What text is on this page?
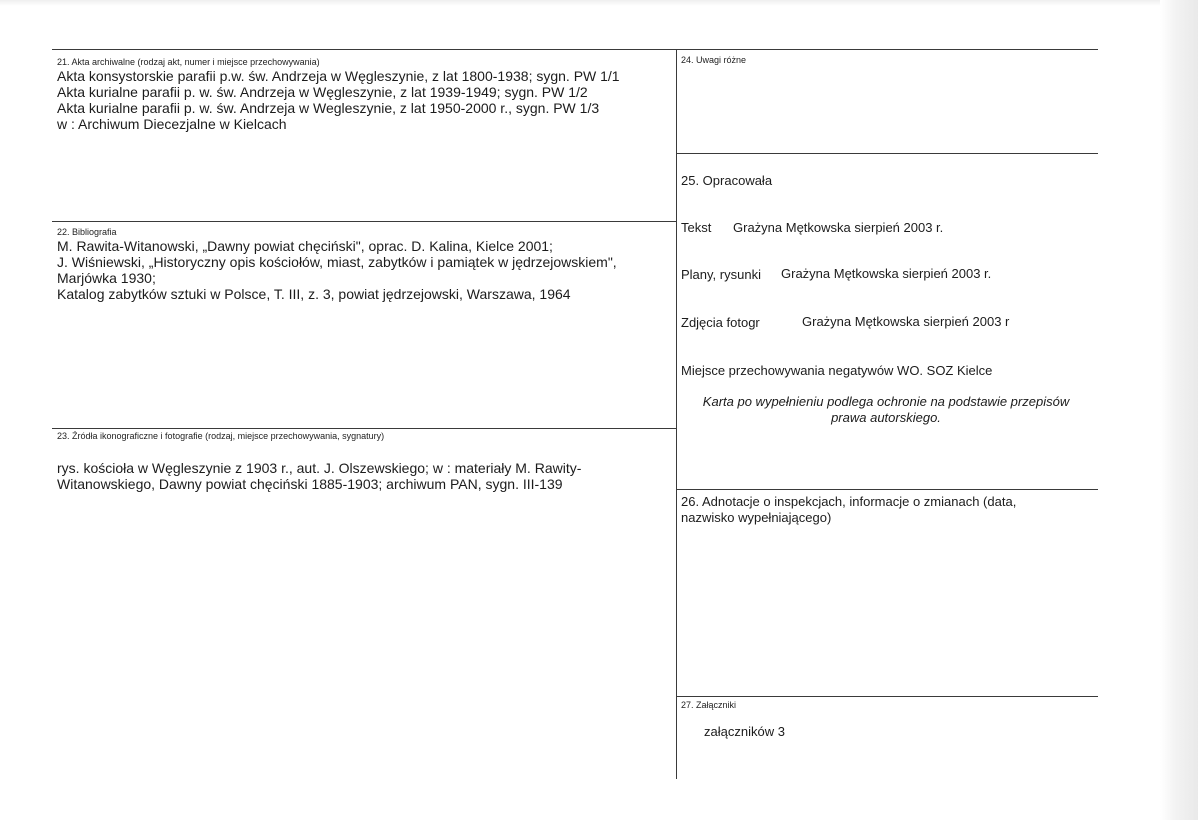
21. Akta archiwalne (rodzaj akt, numer i miejsce przechowywania)
Akta konsystorskie parafii p.w. św. Andrzeja w Węgleszynie, z lat 1800-1938; sygn. PW 1/1
Akta kurialne parafii p. w. św. Andrzeja w Węgleszynie, z lat 1939-1949; sygn. PW 1/2
Akta kurialne parafii p. w. św. Andrzeja w Wegleszynie, z lat 1950-2000 r., sygn. PW 1/3
w : Archiwum Diecezjalne w Kielcach
22. Bibliografia
M. Rawita-Witanowski, „Dawny powiat chęciński", oprac. D. Kalina, Kielce 2001;
J. Wiśniewski, „Historyczny opis kościołów, miast, zabytków i pamiątek w jędrzejowskiem",
Marjówka 1930;
Katalog zabytków sztuki w Polsce, T. III, z. 3, powiat jędrzejowski, Warszawa, 1964
23. Źródła ikonograficzne i fotografie (rodzaj, miejsce przechowywania, sygnatury)
rys. kościoła w Węgleszynie z 1903 r., aut. J. Olszewskiego; w : materiały M. Rawity-
Witanowskiego, Dawny powiat chęciński 1885-1903; archiwum PAN, sygn. III-139
24. Uwagi różne
25. Opracowała
Tekst Grażyna Mętkowska sierpień 2003 r.
Plany, rysunki Grażyna Mętkowska sierpień 2003 r.
Zdjęcia fotogr	Grażyna Mętkowska sierpień 2003 r
Miejsce przechowywania negatywów WO. SOZ Kielce
Karta po wypełnieniu podlega ochronie na podstawie przepisów
prawa autorskiego.
26. Adnotacje o inspekcjach, informacje o zmianach (data,
nazwisko wypełniającego)
27. Załączniki
załączników 3
